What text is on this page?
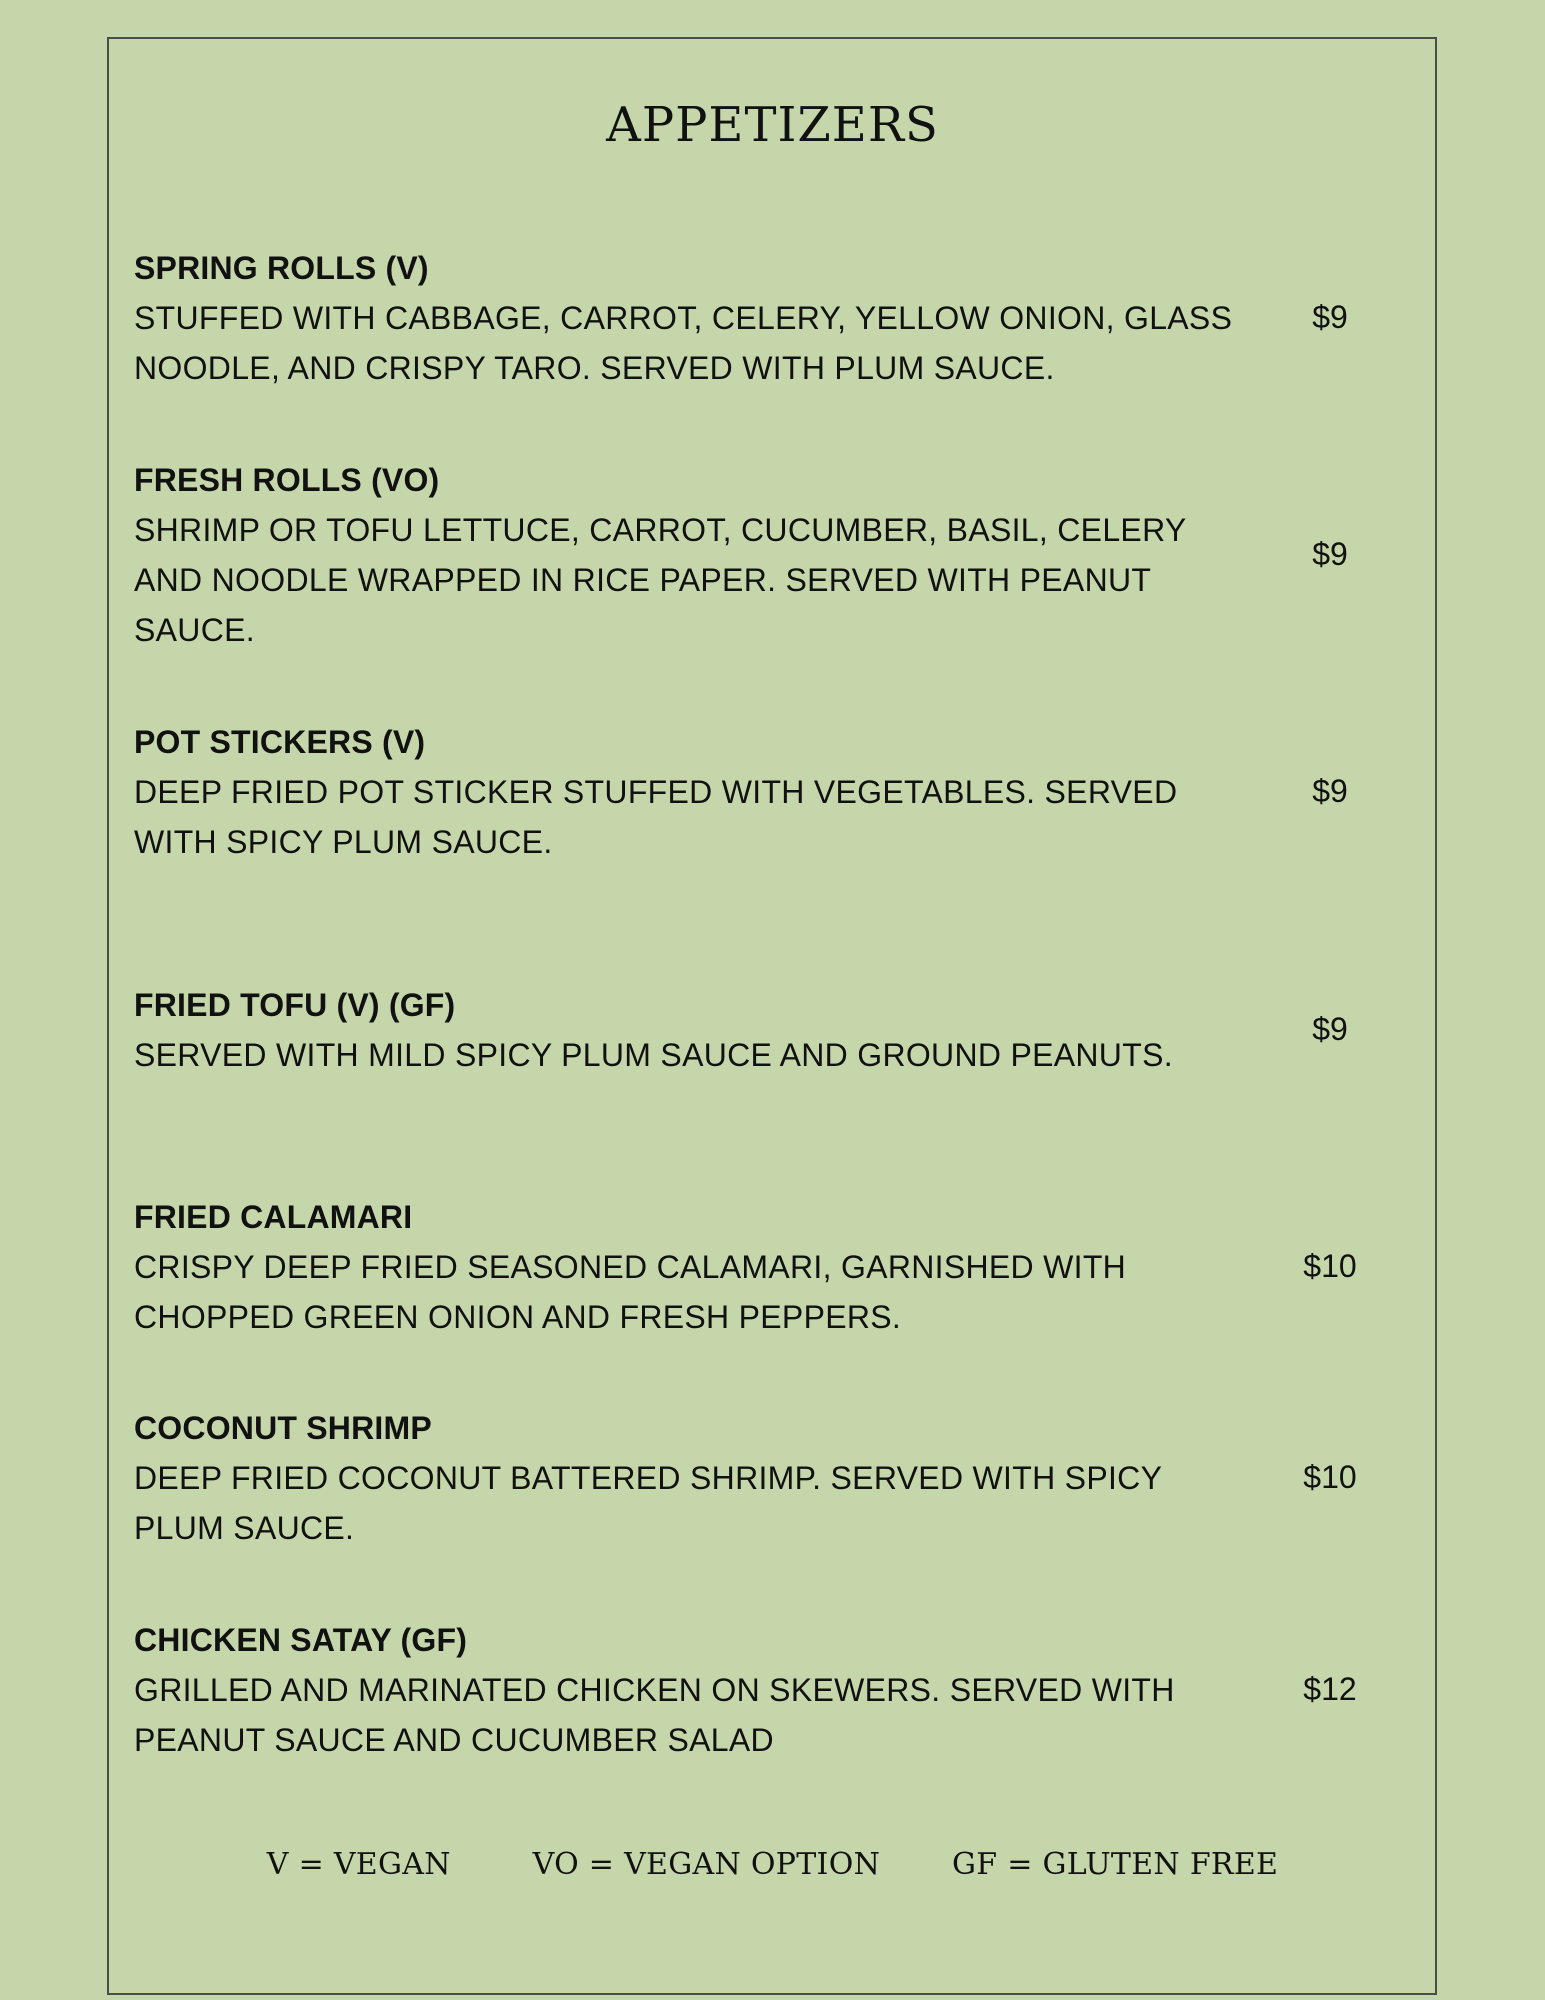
APPETIZERS
SPRING ROLLS (V)
STUFFED WITH CABBAGE, CARROT, CELERY, YELLOW ONION, GLASS NOODLE, AND CRISPY TARO. SERVED WITH PLUM SAUCE.
$9
FRESH ROLLS (VO)
SHRIMP OR TOFU LETTUCE, CARROT, CUCUMBER, BASIL, CELERY AND NOODLE WRAPPED IN RICE PAPER. SERVED WITH PEANUT SAUCE.
$9
POT STICKERS (V)
DEEP FRIED POT STICKER STUFFED WITH VEGETABLES. SERVED WITH SPICY PLUM SAUCE.
$9
FRIED TOFU (V) (GF)
SERVED WITH MILD SPICY PLUM SAUCE AND GROUND PEANUTS.
$9
FRIED CALAMARI
CRISPY DEEP FRIED SEASONED CALAMARI, GARNISHED WITH CHOPPED GREEN ONION AND FRESH PEPPERS.
$10
COCONUT SHRIMP
DEEP FRIED COCONUT BATTERED SHRIMP. SERVED WITH SPICY PLUM SAUCE.
$10
CHICKEN SATAY (GF)
GRILLED AND MARINATED CHICKEN ON SKEWERS. SERVED WITH PEANUT SAUCE AND CUCUMBER SALAD
$12
V = VEGAN	VO = VEGAN OPTION GF = GLUTEN FREE
